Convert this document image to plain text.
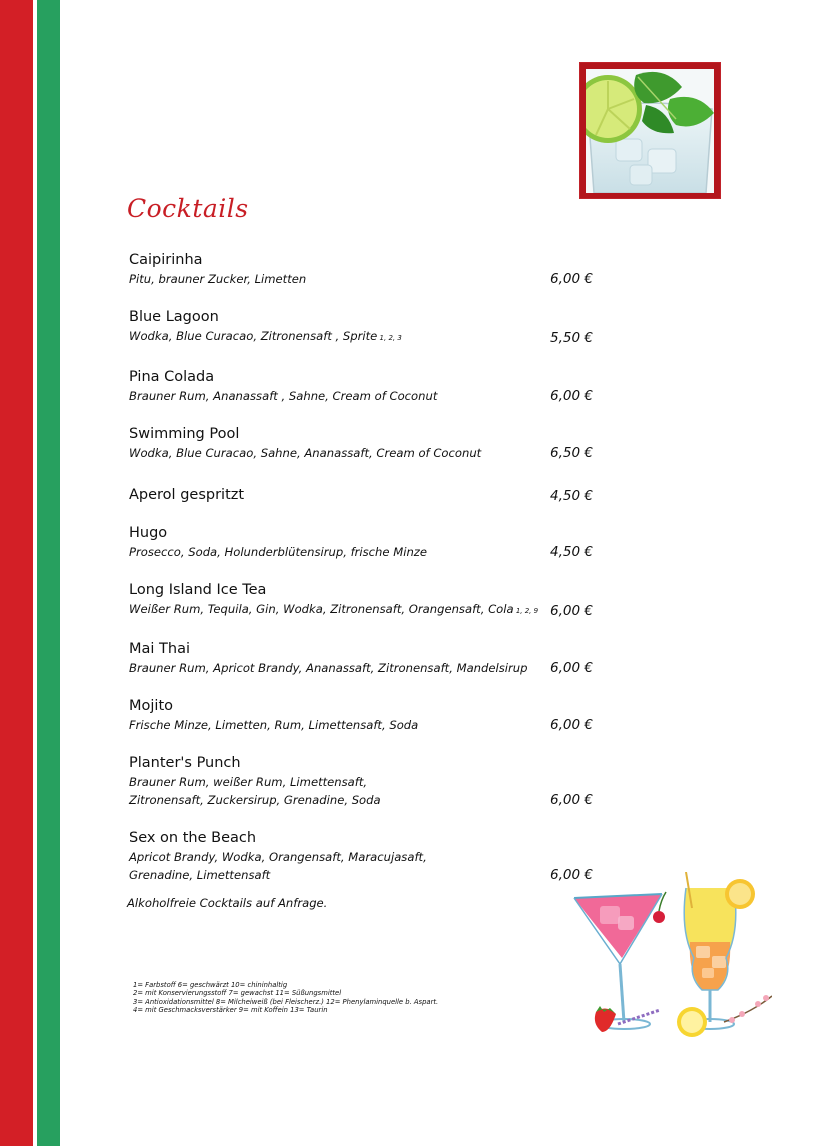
Cocktails
Caipirinha
Pitu, brauner Zucker, Limetten	6,00 €
Blue Lagoon
Wodka, Blue Curacao, Zitronensaft , Sprite 1, 2, 3	5,50 €
Pina Colada
Brauner Rum, Ananassaft , Sahne, Cream of Coconut	6,00 €
Swimming Pool
Wodka, Blue Curacao, Sahne, Ananassaft, Cream of Coconut	6,50 €
Aperol gespritzt	4,50 €
Hugo
Prosecco, Soda, Holunderblütensirup, frische Minze	4,50 €
Long Island Ice Tea
Weißer Rum, Tequila, Gin, Wodka, Zitronensaft, Orangensaft, Cola 1, 2, 9 6,00 €
Mai Thai
Brauner Rum, Apricot Brandy, Ananassaft, Zitronensaft, Mandelsirup	6,00 €
Mojito
Frische Minze, Limetten, Rum, Limettensaft, Soda	6,00 €
Planter's Punch
Brauner Rum, weißer Rum, Limettensaft,
Zitronensaft, Zuckersirup, Grenadine, Soda	6,00 €
Sex on the Beach
Apricot Brandy, Wodka, Orangensaft, Maracujasaft,
Grenadine, Limettensaft	6,00 €
Alkoholfreie Cocktails auf Anfrage.
1= Farbstoff 6= geschwärzt 10= chininhaltig
2= mit Konservierungsstoff 7= gewachst 11= Süßungsmittel
3= Antioxidationsmittel 8= Milcheiweiß (bei Fleischerz.) 12= Phenylaminquelle b. Aspart.
4= mit Geschmacksverstärker 9= mit Koffein 13= Taurin
